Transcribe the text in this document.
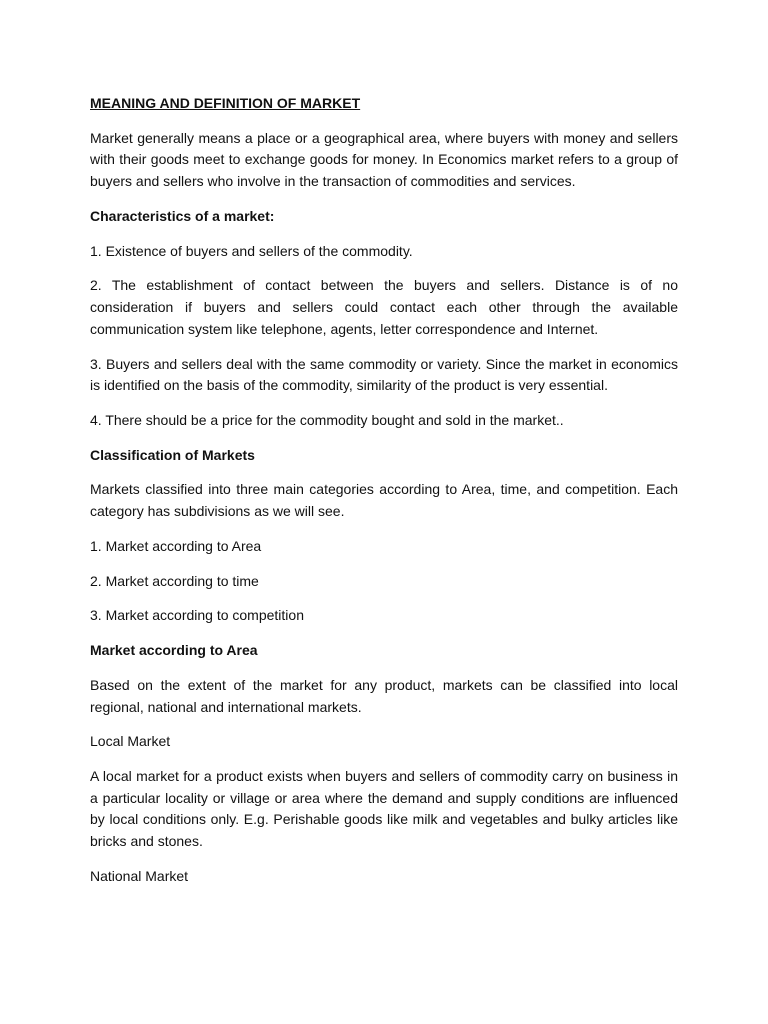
MEANING AND DEFINITION OF MARKET

Market generally means a place or a geographical area, where buyers with money and sellers with their goods meet to exchange goods for money. In Economics market refers to a group of buyers and sellers who involve in the transaction of commodities and services.

Characteristics of a market:

1. Existence of buyers and sellers of the commodity.

2. The establishment of contact between the buyers and sellers. Distance is of no consideration if buyers and sellers could contact each other through the available communication system like telephone, agents, letter correspondence and Internet.

3. Buyers and sellers deal with the same commodity or variety. Since the market in economics is identified on the basis of the commodity, similarity of the product is very essential.

4. There should be a price for the commodity bought and sold in the market..

Classification of Markets

Markets classified into three main categories according to Area, time, and competition. Each category has subdivisions as we will see.

1. Market according to Area

2. Market according to time

3. Market according to competition

Market according to Area

Based on the extent of the market for any product, markets can be classified into local regional, national and international markets.

Local Market

A local market for a product exists when buyers and sellers of commodity carry on business in a particular locality or village or area where the demand and supply conditions are influenced by local conditions only. E.g. Perishable goods like milk and vegetables and bulky articles like bricks and stones.

National Market
